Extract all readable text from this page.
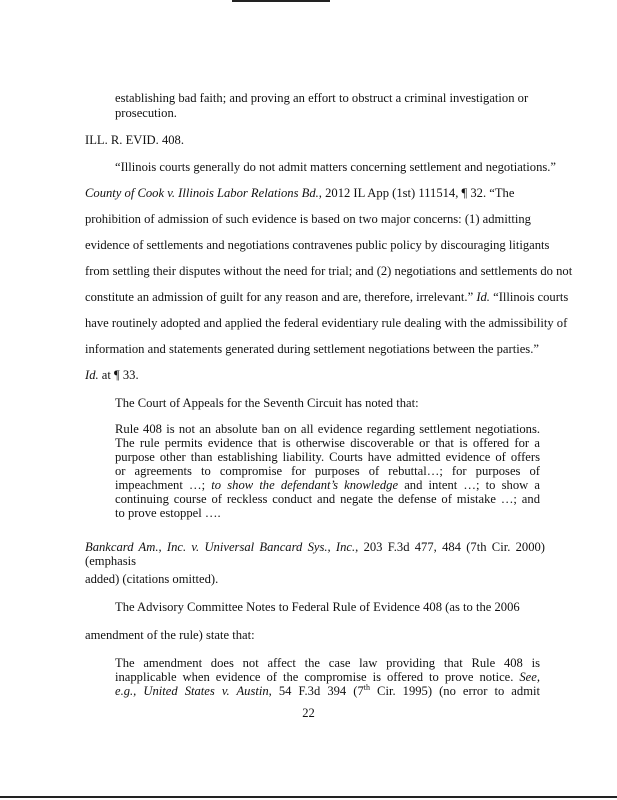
establishing bad faith; and proving an effort to obstruct a criminal investigation or
prosecution.
ILL. R. EVID. 408.
“Illinois courts generally do not admit matters concerning settlement and negotiations.”
County of Cook v. Illinois Labor Relations Bd., 2012 IL App (1st) 111514, ¶ 32. “The
prohibition of admission of such evidence is based on two major concerns: (1) admitting
evidence of settlements and negotiations contravenes public policy by discouraging litigants
from settling their disputes without the need for trial; and (2) negotiations and settlements do not
constitute an admission of guilt for any reason and are, therefore, irrelevant.” Id. “Illinois courts
have routinely adopted and applied the federal evidentiary rule dealing with the admissibility of
information and statements generated during settlement negotiations between the parties.”
Id. at ¶ 33.
The Court of Appeals for the Seventh Circuit has noted that:
Rule 408 is not an absolute ban on all evidence regarding settlement negotiations.
The rule permits evidence that is otherwise discoverable or that is offered for a
purpose other than establishing liability. Courts have admitted evidence of offers
or agreements to compromise for purposes of rebuttal…; for purposes of
impeachment …; to show the defendant’s knowledge and intent …; to show a
continuing course of reckless conduct and negate the defense of mistake …; and
to prove estoppel ….
Bankcard Am., Inc. v. Universal Bancard Sys., Inc., 203 F.3d 477, 484 (7th Cir. 2000) (emphasis
added) (citations omitted).
The Advisory Committee Notes to Federal Rule of Evidence 408 (as to the 2006
amendment of the rule) state that:
The amendment does not affect the case law providing that Rule 408 is
inapplicable when evidence of the compromise is offered to prove notice. See,
e.g., United States v. Austin, 54 F.3d 394 (7th Cir. 1995) (no error to admit
22
